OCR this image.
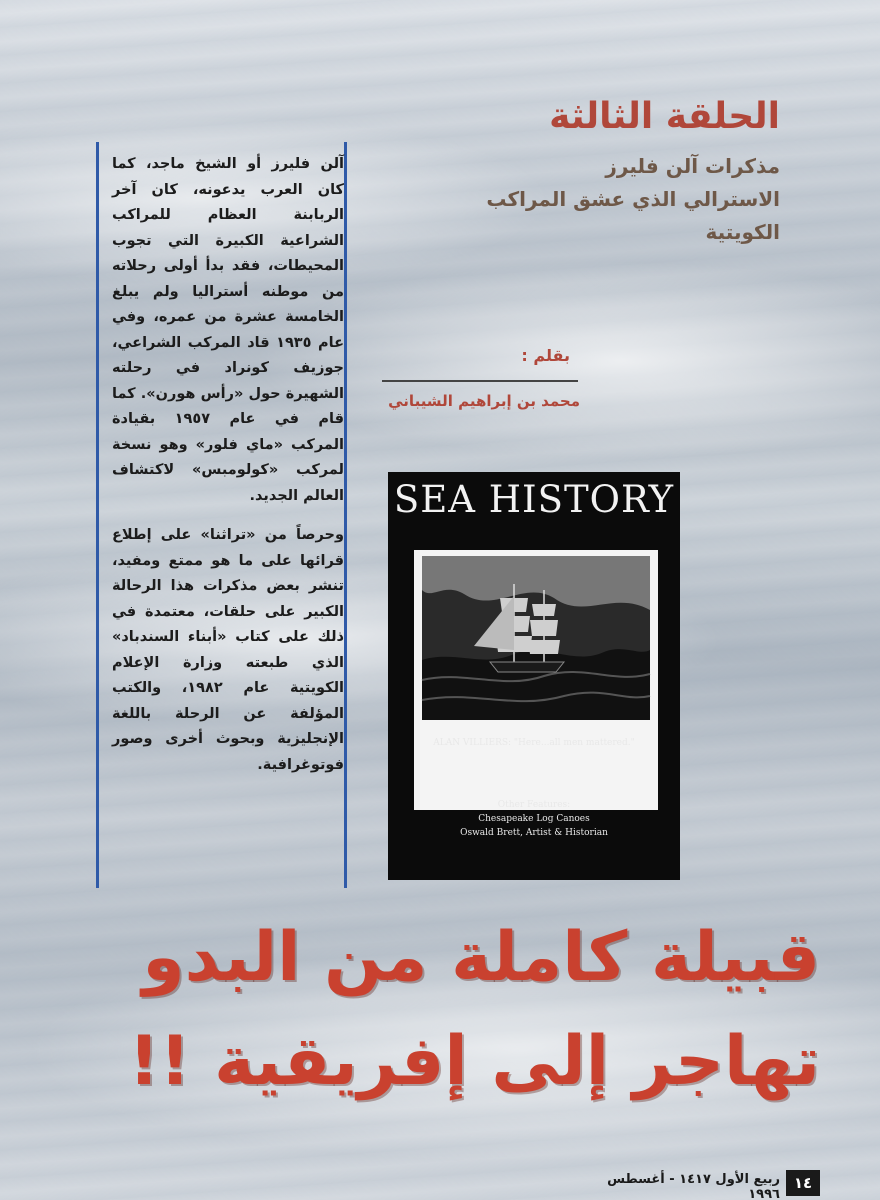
الحلقة الثالثة
مذكرات آلن فليرز
الاسترالي الذي عشق المراكب
الكويتية
بقلم :
محمد بن إبراهيم الشيباني

آلن فليرز أو الشيخ ماجد، كما كان العرب يدعونه، كان آخر الربابنة العظام للمراكب الشراعية الكبيرة التي تجوب المحيطات، فقد بدأ أولى رحلاته من موطنه أستراليا ولم يبلغ الخامسة عشرة من عمره، وفي عام ١٩٣٥ قاد المركب الشراعي، جوزيف كونراد في رحلته الشهيرة حول «رأس هورن». كما قام في عام ١٩٥٧ بقيادة المركب «ماي فلور» وهو نسخة لمركب «كولومبس» لاكتشاف العالم الجديد.

وحرصاً من «تراثنا» على إطلاع قرائها على ما هو ممتع ومفيد، تنشر بعض مذكرات هذا الرحالة الكبير على حلقات، معتمدة في ذلك على كتاب «أبناء السندباد» الذي طبعته وزارة الإعلام الكويتية عام ١٩٨٢، والكتب المؤلفة عن الرحلة باللغة الإنجليزية وبحوث أخرى وصور فوتوغرافية.

SEA HISTORY
ALAN VILLIERS: "Here...all men mattered."
Other Features:
Chesapeake Log Canoes
Oswald Brett, Artist & Historian
قبيلة كاملة من البدو
تهاجر إلى إفريقية !!
١٤
ربيع الأول ١٤١٧ - أغسطس ١٩٩٦
